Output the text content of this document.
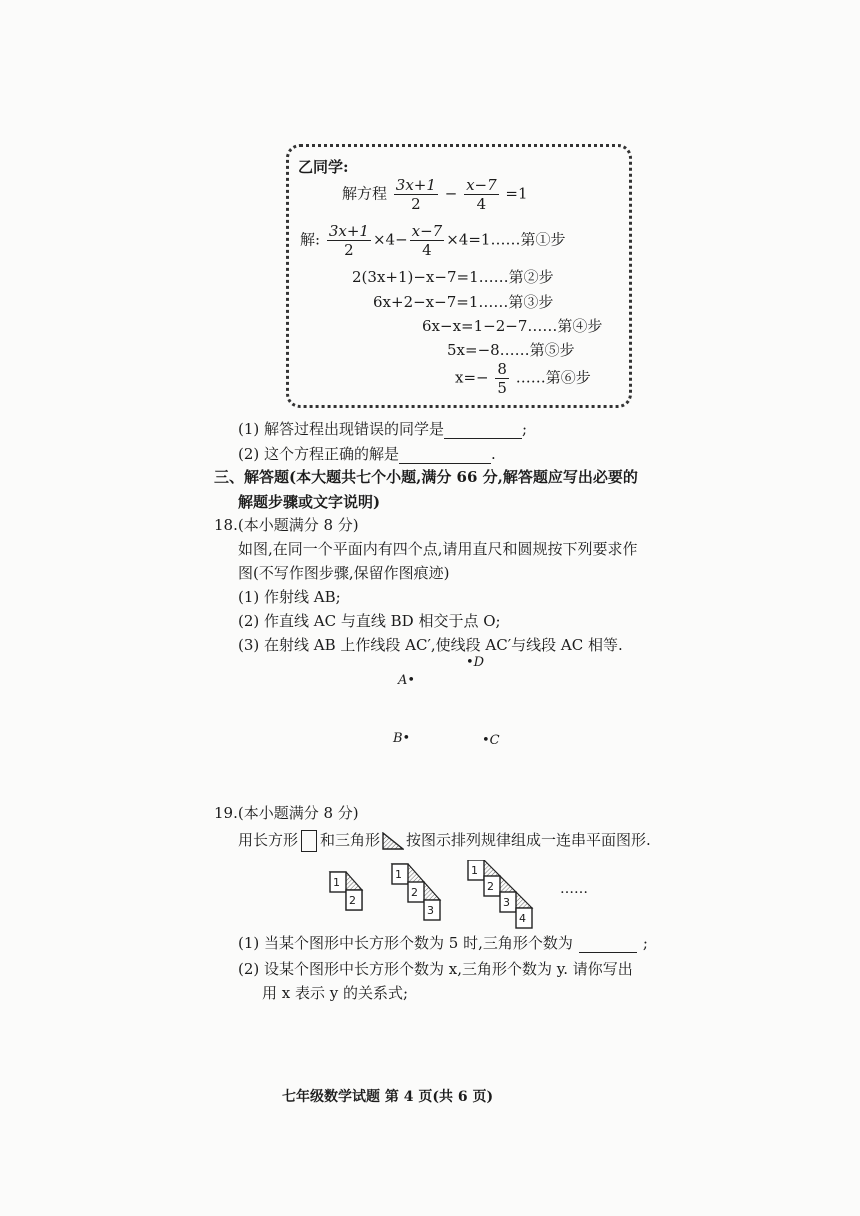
乙同学:
解方程 $\frac{3x+1}{2} - \frac{x-7}{4} =1$
解: $\frac{3x+1}{2} \times 4- \frac{x-7}{4}$ ×4=1……第①步
2(3x+1)−x−7=1……第②步
6x+2−x−7=1……第③步
6x−x=1−2−7……第④步
5x=−8……第⑤步
$x=- \frac{8}{5}$ ……第⑥步
(1) 解答过程出现错误的同学是	;
(2) 这个方程正确的解是	.
三、解答题(本大题共七个小题,满分 66 分,解答题应写出必要的
解题步骤或文字说明)
18.(本小题满分 8 分)
如图,在同一个平面内有四个点,请用直尺和圆规按下列要求作
图(不写作图步骤,保留作图痕迹)
(1) 作射线 AB;
(2) 作直线 AC 与直线 BD 相交于点 O;
(3) 在射线 AB 上作线段 AC′,使线段 AC′与线段 AC 相等.
•D
A•
B•	•C
19.(本小题满分 8 分)
用长方形 和三角形 按图示排列规律组成一连串平面图形.
1
2
1
2
3
1
2
3
4
……
(1) 当某个图形中长方形个数为 5 时,三角形个数为	;
(2) 设某个图形中长方形个数为 x,三角形个数为 y. 请你写出
用 x 表示 y 的关系式;
七年级数学试题 第 4 页(共 6 页)
